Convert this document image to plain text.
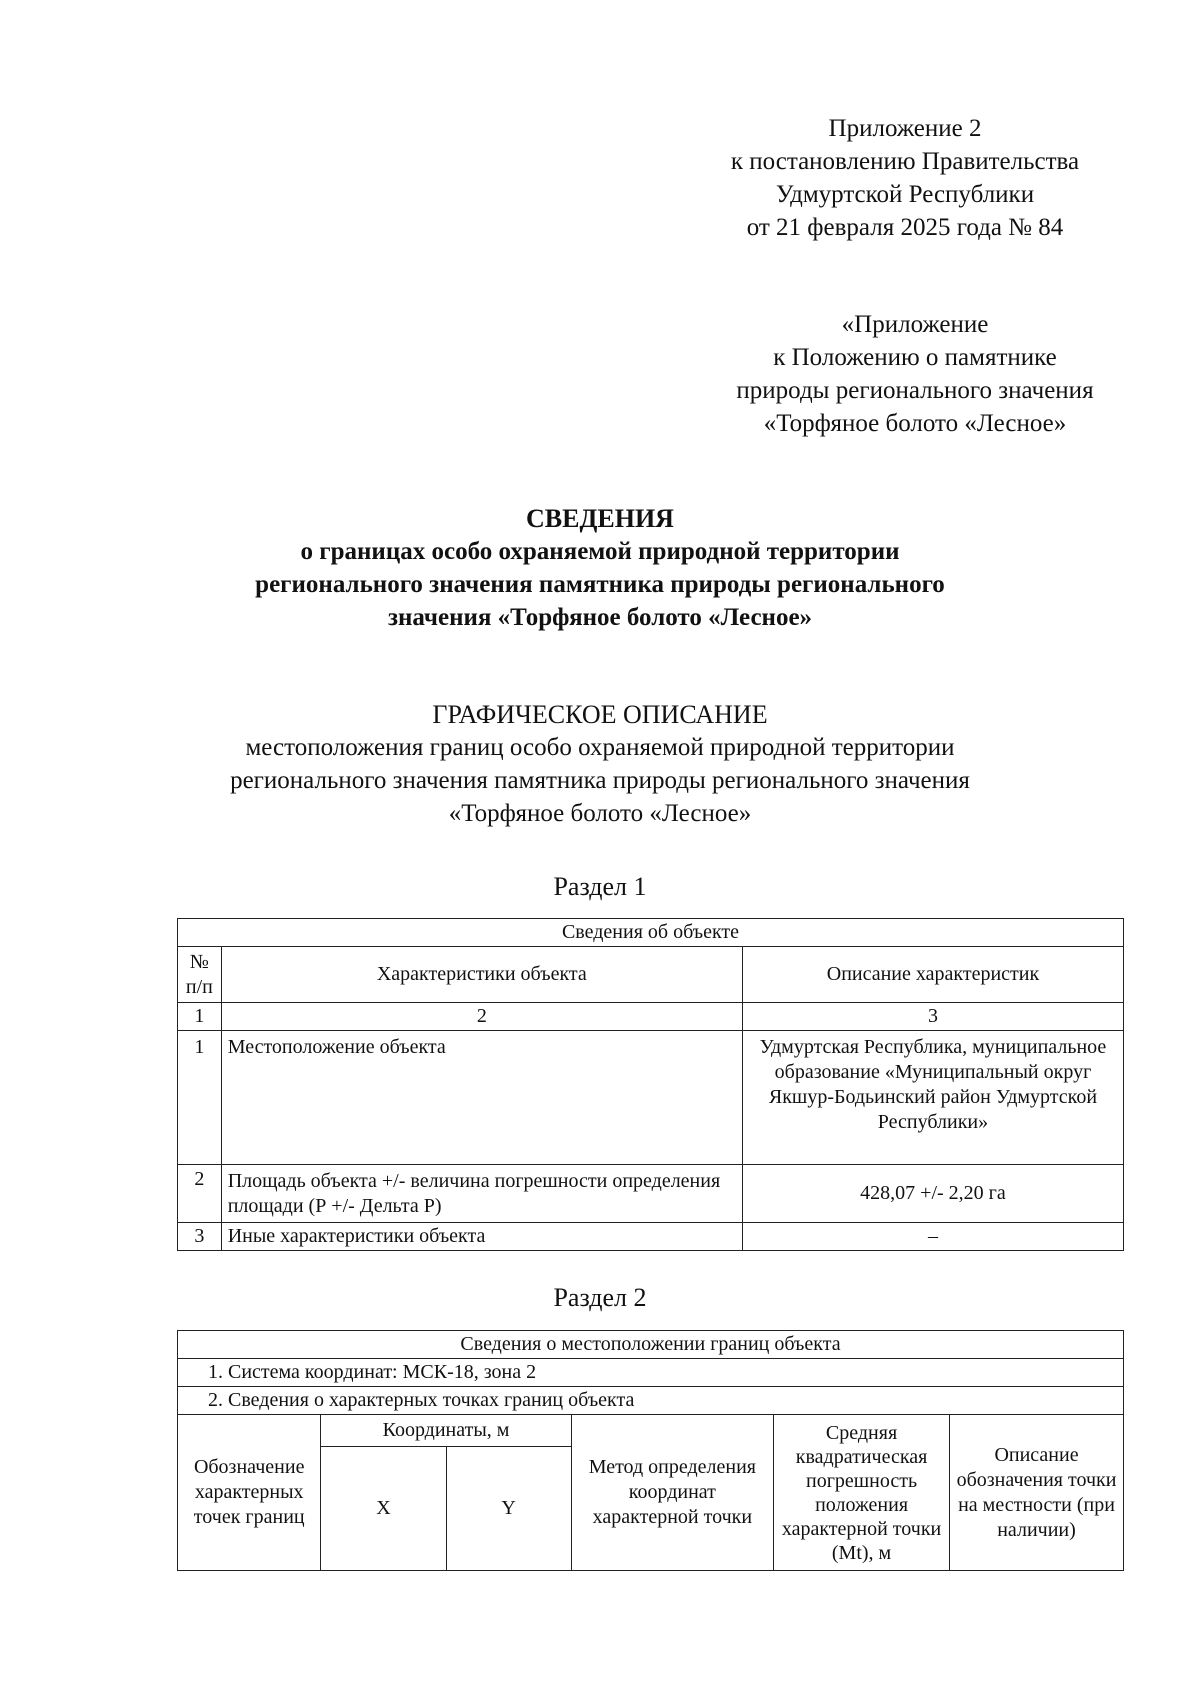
Приложение 2
к постановлению Правительства
Удмуртской Республики
от 21 февраля 2025 года № 84
«Приложение
к Положению о памятнике
природы регионального значения
«Торфяное болото «Лесное»
СВЕДЕНИЯ
о границах особо охраняемой природной территории
регионального значения памятника природы регионального
значения «Торфяное болото «Лесное»
ГРАФИЧЕСКОЕ ОПИСАНИЕ
местоположения границ особо охраняемой природной территории
регионального значения памятника природы регионального значения
«Торфяное болото «Лесное»
Раздел 1
Сведения об объекте		
№ п/п	Характеристики объекта	Описание характеристик
1	2	3
1	Местоположение объекта	Удмуртская Республика, муниципальное образование «Муниципальный округ Якшур-Бодьинский район Удмуртской Республики»
2	Площадь объекта +/- величина погрешности определения площади (Р +/- Дельта Р)	428,07 +/- 2,20 га
3	Иные характеристики объекта	–
Раздел 2
Сведения о местоположении границ объекта					
1. Система координат: МСК-18, зона 2					
2. Сведения о характерных точках границ объекта					
Обозначение характерных точек границ	Координаты, м		Метод определения координат характерной точки	Средняя квадратическая погрешность положения характерной точки (Mt), м	Описание обозначения точки на местности (при наличии)
	X	Y			
